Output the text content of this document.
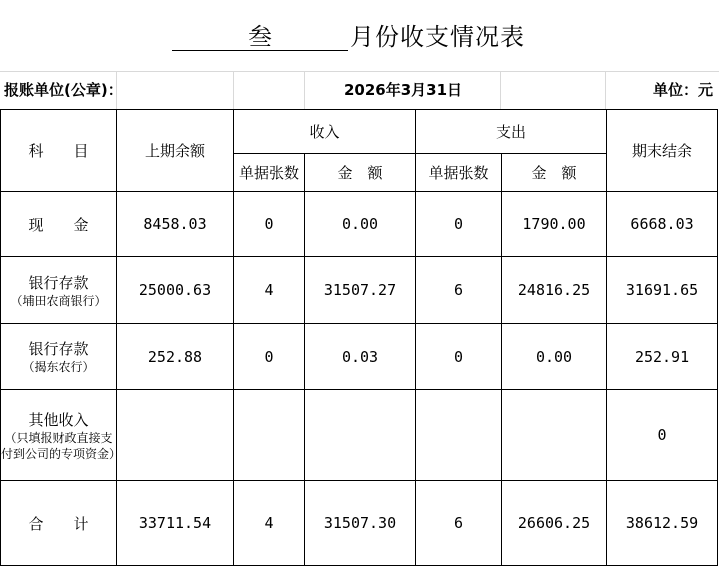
叁	月份收支情况表
报账单位(公章)：	2026年3月31日	单位：元
科　　目	上期余额	收入		支出		期末结余
		单据张数	金　额	单据张数	金　额	
现　　金	8458.03	0	0.00	0	1790.00	6668.03
银行存款
（埔田农商银行）	25000.63	4	31507.27	6	24816.25	31691.65
银行存款
（揭东农行）	252.88	0	0.03	0	0.00	252.91
其他收入
（只填报财政直接支付到公司的专项资金）						0
合　　计	33711.54	4	31507.30	6	26606.25	38612.59
